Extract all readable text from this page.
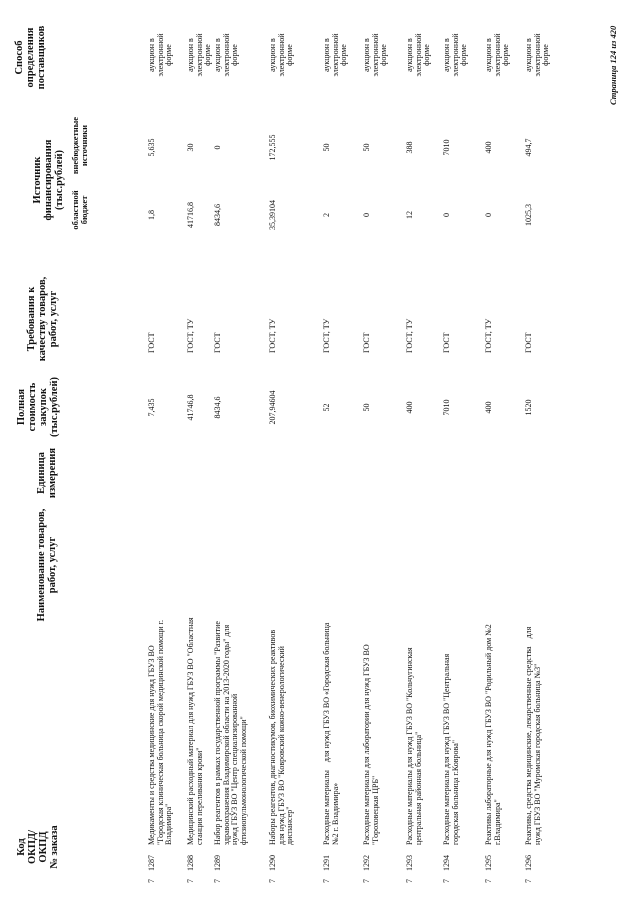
Код ОКПД/ ОКПД № заказа
Наименование товаров, работ, услуг
Единица измерения
Полная стоимость закупок (тыс.рублей)
Требования к качеству товаров, работ, услуг
Источник финансирования (тыс.рублей) областной бюджет
внебюджетные источники
Способ определения поставщиков
7
1287
Медикаменты и средства медицинские для нужд ГБУЗ ВО "Городская клиническая больница скорой медицинской помощи г. Владимира"
7,435
ГОСТ
1,8
5,635
аукцион в электронной форме
7
1288
Медицинский расходный материал для нужд ГБУЗ ВО "Областная станция переливания крови"
41746,8
ГОСТ, ТУ
41716,8
30
аукцион в электронной форме
7
1289
Набор реагентов в рамках государственной программы "Развитие здравоохранения Владимирской области на 2013-2020 годы" для нужд ГБУЗ ВО "Центр специализированной фтизиопульмонологической помощи"
8434,6
ГОСТ
8434,6
0
аукцион в электронной форме
7
1290
Наборы реагентов, диагностикумов, биохимических реактивов для нужд ГБУЗ ВО "Ковровский кожно-венерологический диспансер"
207,94604
ГОСТ, ТУ
35,39104
172,555
аукцион в электронной форме
7
1291
Расходные материалы    для нужд ГБУЗ ВО «Городская больница №2 г. Владимира»
52
ГОСТ, ТУ
2
50
аукцион в электронной форме
7
1292
Расходные материалы для лаборатории для нужд ГБУЗ ВО "Гороховецкая ЦРБ"
50
ГОСТ
0
50
аукцион в электронной форме
7
1293
Расходные материалы для нужд ГБУЗ ВО "Кольчугинская центральная районная больница"
400
ГОСТ, ТУ
12
388
аукцион в электронной форме
7
1294
Расходные материалы для нужд ГБУЗ ВО "Центральная городская больница г.Коврова"
7010
ГОСТ
0
7010
аукцион в электронной форме
7
1295
Реактивы лабораторные для нужд ГБУЗ ВО "Родильный дом №2 г.Владимира"
400
ГОСТ, ТУ
0
400
аукцион в электронной форме
7
1296
Реактивы, средства медицинские, лекарственные средства    для нужд ГБУЗ ВО "Муромская городская больница №3"
1520
ГОСТ
1025,3
494,7
аукцион в электронной форме	Страница 124 из 420
